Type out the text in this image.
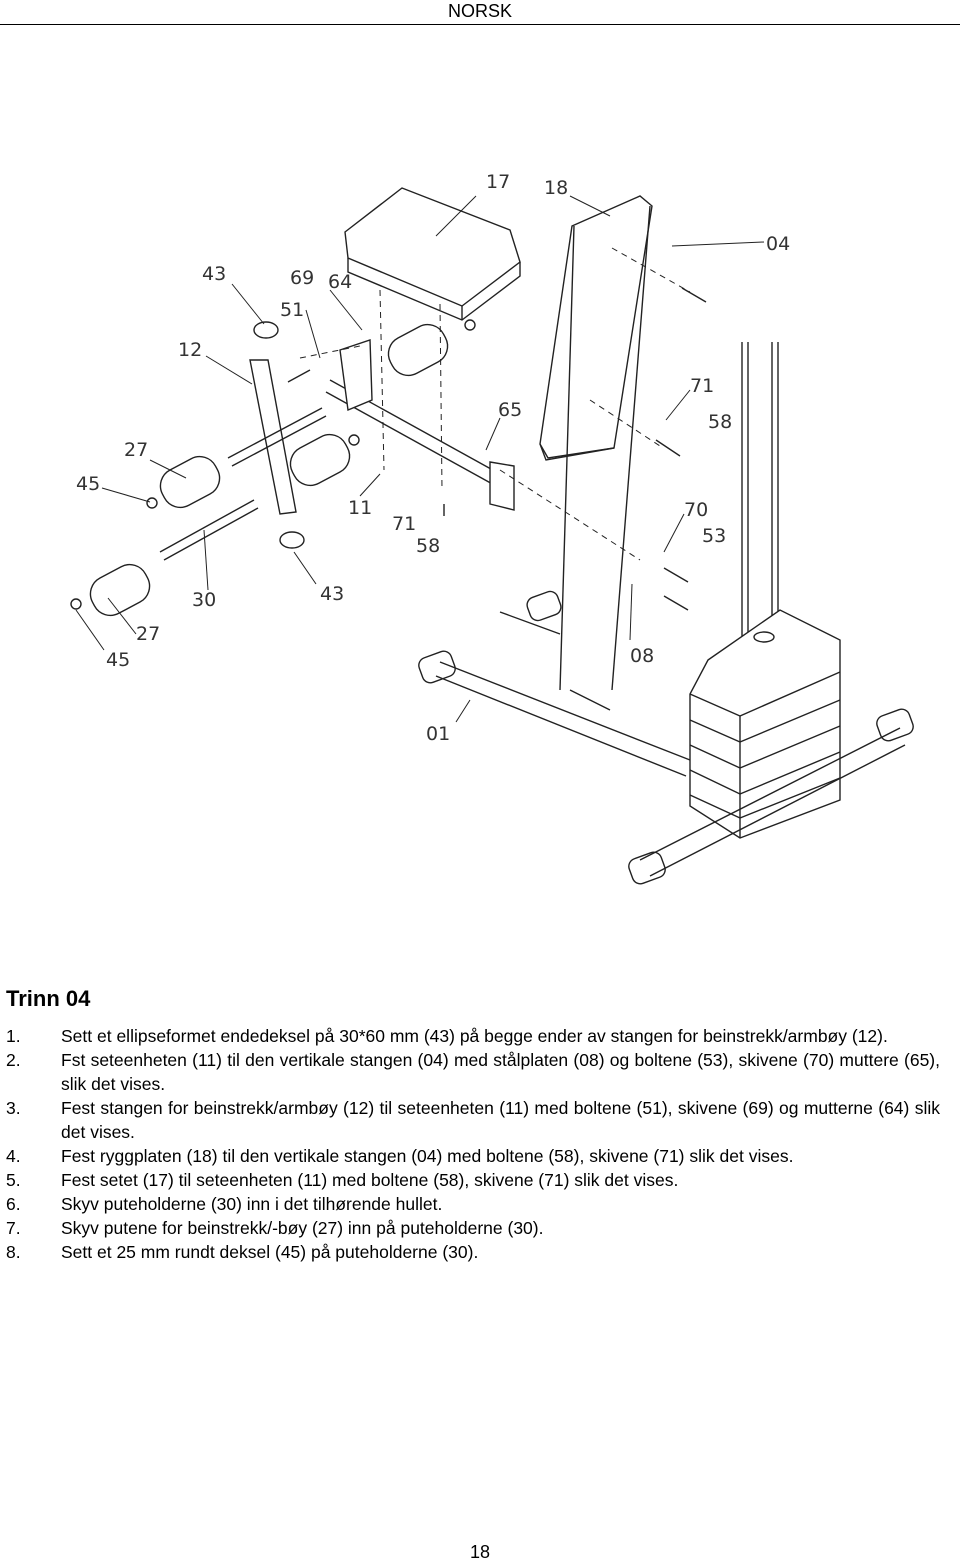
NORSK
17 18
04
43	69 64
51
12
27
45
11
71
58
65
71
58
70
53
30	43
27
45	08
01
Trinn 04
1. Sett et ellipseformet endedeksel på 30*60 mm (43) på begge ender av stangen for beinstrekk/armbøy (12).
2. Fst seteenheten (11) til den vertikale stangen (04) med stålplaten (08) og boltene (53), skivene (70) muttere (65), slik det vises.
3. Fest stangen for beinstrekk/armbøy (12) til seteenheten (11) med boltene (51), skivene (69) og mutterne (64) slik det vises.
4. Fest ryggplaten (18) til den vertikale stangen (04) med boltene (58), skivene (71) slik det vises.
5. Fest setet (17) til seteenheten (11) med boltene (58), skivene (71) slik det vises.
6. Skyv puteholderne (30) inn i det tilhørende hullet.
7. Skyv putene for beinstrekk/-bøy (27) inn på puteholderne (30).
8. Sett et 25 mm rundt deksel (45) på puteholderne (30).
18
